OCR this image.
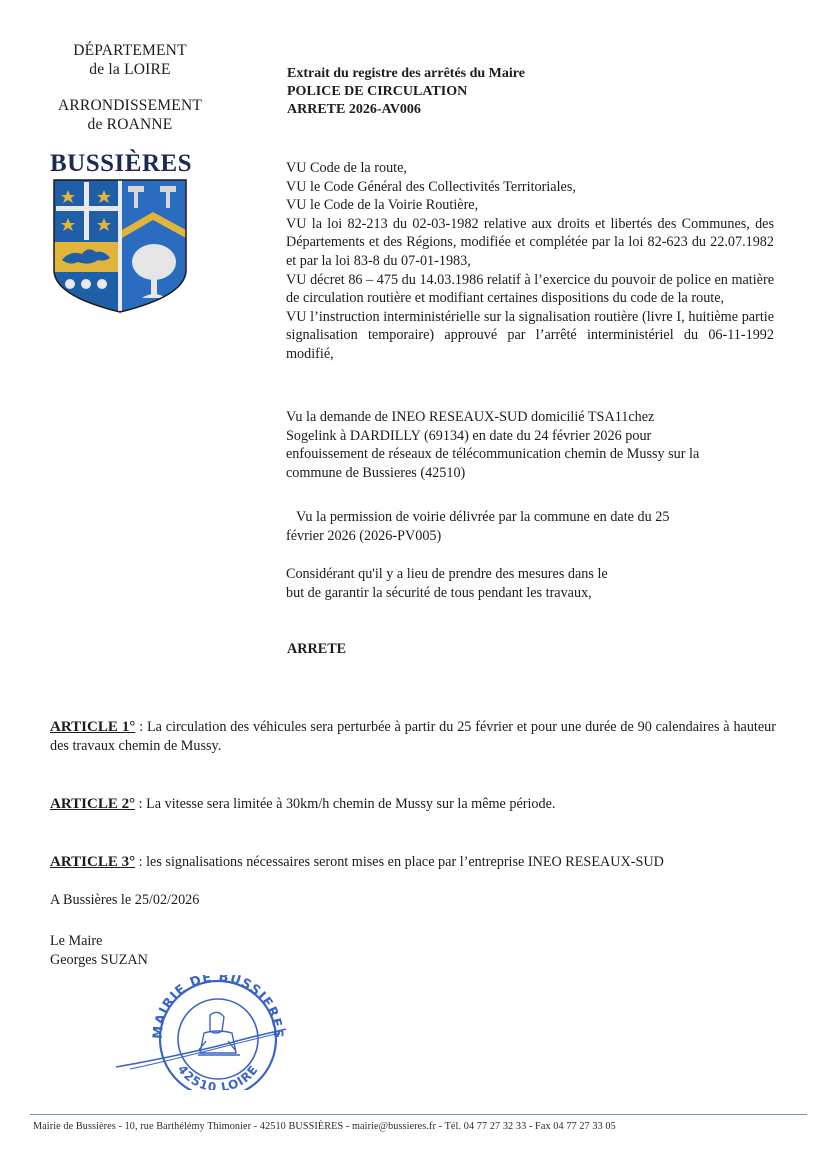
DÉPARTEMENT
de la LOIRE
ARRONDISSEMENT
de ROANNE
BUSSIÈRES
Extrait du registre des arrêtés du Maire
POLICE DE CIRCULATION
ARRETE 2026-AV006

VU Code de la route,

VU le Code Général des Collectivités Territoriales,

VU le Code de la Voirie Routière,

VU la loi 82-213 du 02-03-1982 relative aux droits et libertés des Communes, des Départements et des Régions, modifiée et complétée par la loi 82-623 du 22.07.1982 et par la loi 83-8 du 07-01-1983,

VU décret 86 – 475 du 14.03.1986 relatif à l’exercice du pouvoir de police en matière de circulation routière et modifiant certaines dispositions du code de la route,

VU l’instruction interministérielle sur la signalisation routière (livre I, huitième partie signalisation temporaire) approuvé par l’arrêté interministériel du 06-11-1992 modifié,

Vu la demande de INEO RESEAUX-SUD domicilié TSA11chez
Sogelink à DARDILLY (69134) en date du 24 février 2026 pour
enfouissement de réseaux de télécommunication chemin de Mussy sur la
commune de Bussieres (42510)
Vu la permission de voirie délivrée par la commune en date du 25
février 2026 (2026-PV005)
Considérant qu'il y a lieu de prendre des mesures dans le
but de garantir la sécurité de tous pendant les travaux,
ARRETE
ARTICLE 1° : La circulation des véhicules sera perturbée à partir du 25 février et pour une durée de 90 calendaires à hauteur des travaux chemin de Mussy.
ARTICLE 2° : La vitesse sera limitée à 30km/h chemin de Mussy sur la même période.
ARTICLE 3° : les signalisations nécessaires seront mises en place par l’entreprise INEO RESEAUX-SUD
A Bussières le 25/02/2026
Le Maire
Georges SUZAN
MAIRIE DE BUSSIERES
42510 LOIRE
Mairie de Bussières - 10, rue Barthélémy Thimonier - 42510 BUSSIÈRES - mairie@bussieres.fr - Tél. 04 77 27 32 33 - Fax 04 77 27 33 05
